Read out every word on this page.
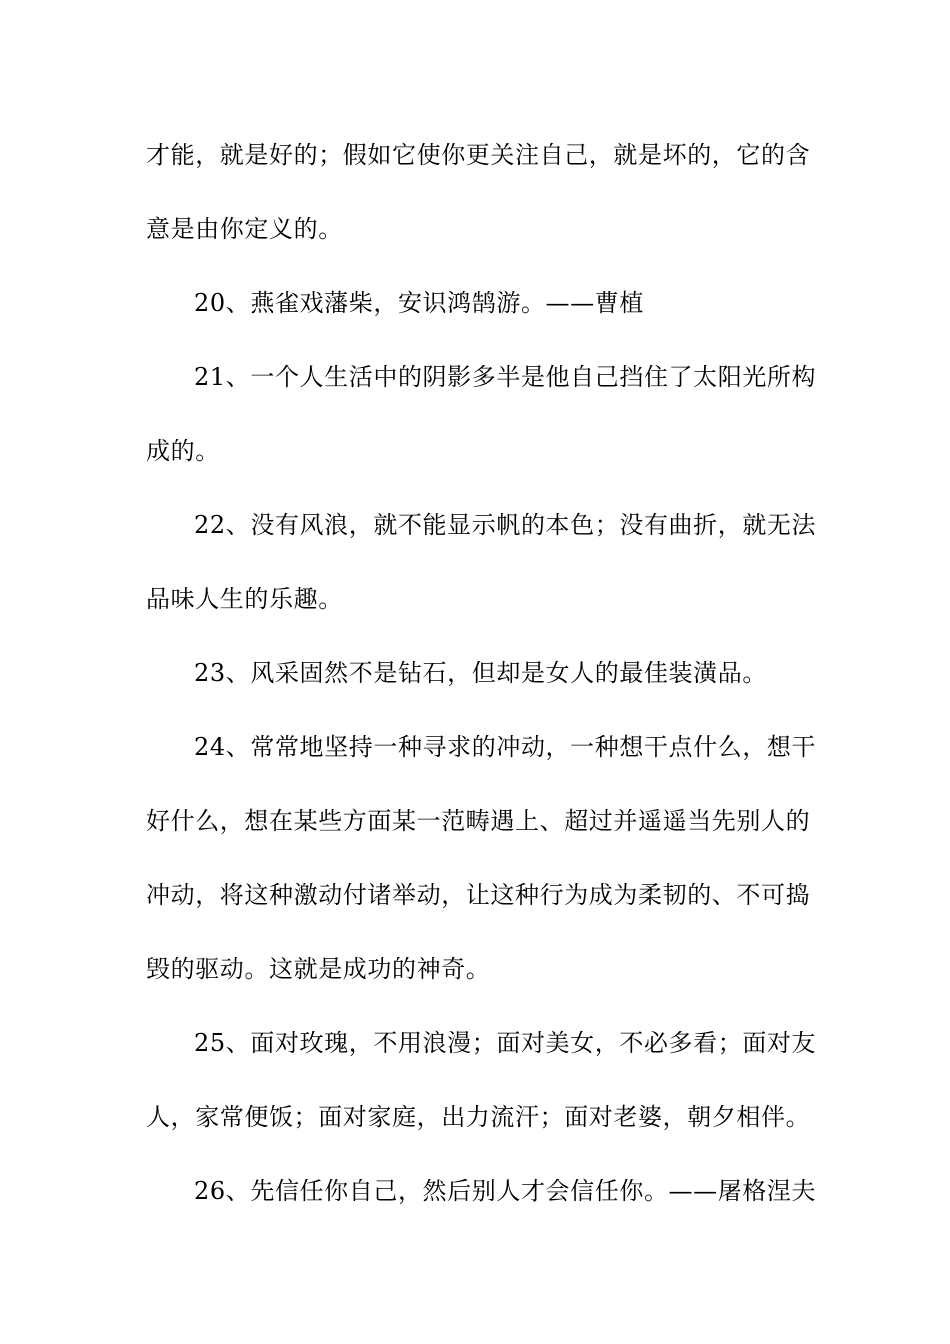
才能，就是好的；假如它使你更关注自己，就是坏的，它的含
意是由你定义的。
20、燕雀戏藩柴，安识鸿鹄游。——曹植
21、一个人生活中的阴影多半是他自己挡住了太阳光所构
成的。
22、没有风浪，就不能显示帆的本色；没有曲折，就无法
品味人生的乐趣。
23、风采固然不是钻石，但却是女人的最佳装潢品。
24、常常地坚持一种寻求的冲动，一种想干点什么，想干
好什么，想在某些方面某一范畴遇上、超过并遥遥当先别人的
冲动，将这种激动付诸举动，让这种行为成为柔韧的、不可捣
毁的驱动。这就是成功的神奇。
25、面对玫瑰，不用浪漫；面对美女，不必多看；面对友
人，家常便饭；面对家庭，出力流汗；面对老婆，朝夕相伴。
26、先信任你自己，然后别人才会信任你。——屠格涅夫
